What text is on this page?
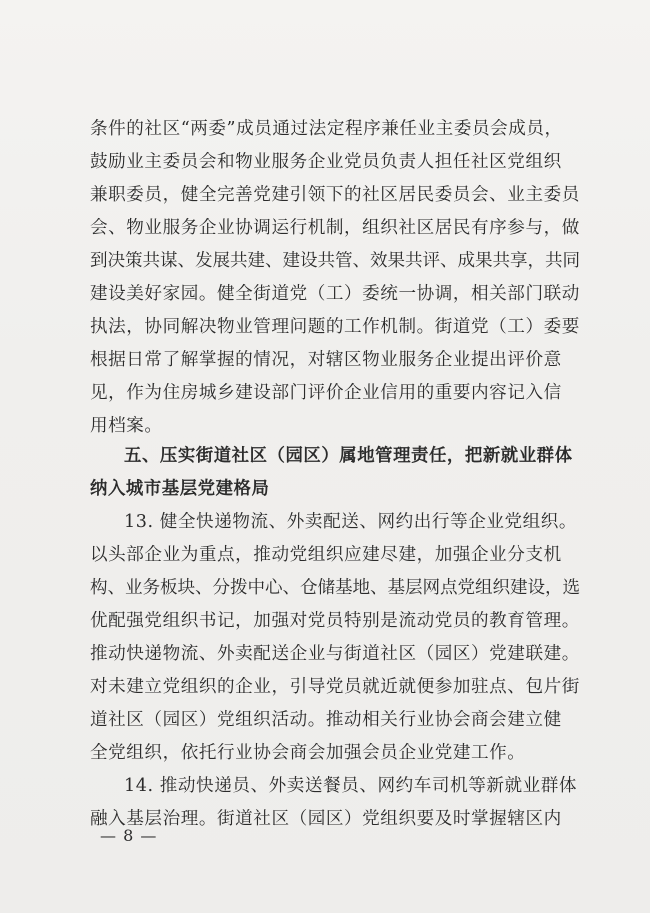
条件的社区“两委”成员通过法定程序兼任业主委员会成员，
鼓励业主委员会和物业服务企业党员负责人担任社区党组织
兼职委员，健全完善党建引领下的社区居民委员会、业主委员
会、物业服务企业协调运行机制，组织社区居民有序参与，做
到决策共谋、发展共建、建设共管、效果共评、成果共享，共同
建设美好家园。健全街道党（工）委统一协调，相关部门联动
执法，协同解决物业管理问题的工作机制。街道党（工）委要
根据日常了解掌握的情况，对辖区物业服务企业提出评价意
见，作为住房城乡建设部门评价企业信用的重要内容记入信
用档案。
五、压实街道社区（园区）属地管理责任，把新就业群体
纳入城市基层党建格局
13. 健全快递物流、外卖配送、网约出行等企业党组织。
以头部企业为重点，推动党组织应建尽建，加强企业分支机
构、业务板块、分拨中心、仓储基地、基层网点党组织建设，选
优配强党组织书记，加强对党员特别是流动党员的教育管理。
推动快递物流、外卖配送企业与街道社区（园区）党建联建。
对未建立党组织的企业，引导党员就近就便参加驻点、包片街
道社区（园区）党组织活动。推动相关行业协会商会建立健
全党组织，依托行业协会商会加强会员企业党建工作。
14. 推动快递员、外卖送餐员、网约车司机等新就业群体
融入基层治理。街道社区（园区）党组织要及时掌握辖区内
— 8 —
